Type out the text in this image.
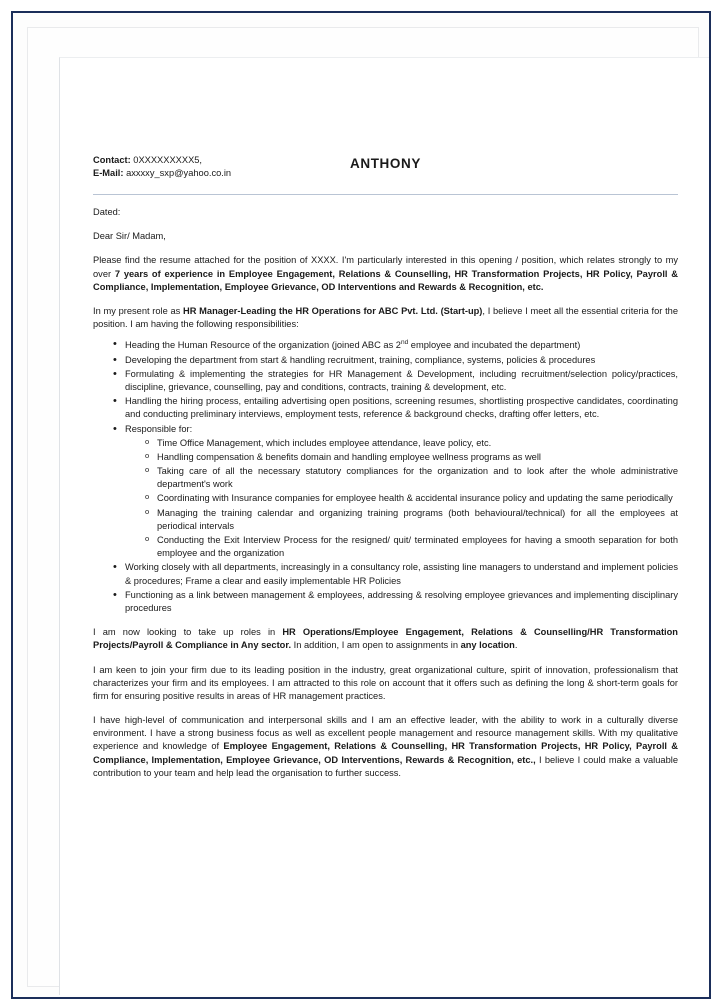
Contact: 0XXXXXXXXX5,
E-Mail: axxxxy_sxp@yahoo.co.in
ANTHONY

Dated:

Dear Sir/ Madam,

Please find the resume attached for the position of XXXX. I'm particularly interested in this opening / position, which relates strongly to my over 7 years of experience in Employee Engagement, Relations & Counselling, HR Transformation Projects, HR Policy, Payroll & Compliance, Implementation, Employee Grievance, OD Interventions and Rewards & Recognition, etc.

In my present role as HR Manager-Leading the HR Operations for ABC Pvt. Ltd. (Start-up), I believe I meet all the essential criteria for the position. I am having the following responsibilities:

• Heading the Human Resource of the organization (joined ABC as 2nd employee and incubated the department)
• Developing the department from start & handling recruitment, training, compliance, systems, policies & procedures
• Formulating & implementing the strategies for HR Management & Development, including recruitment/selection policy/practices, discipline, grievance, counselling, pay and conditions, contracts, training & development, etc.
• Handling the hiring process, entailing advertising open positions, screening resumes, shortlisting prospective candidates, coordinating and conducting preliminary interviews, employment tests, reference & background checks, drafting offer letters, etc.
• Responsible for:
o Time Office Management, which includes employee attendance, leave policy, etc.
o Handling compensation & benefits domain and handling employee wellness programs as well
o Taking care of all the necessary statutory compliances for the organization and to look after the whole administrative department's work
o Coordinating with Insurance companies for employee health & accidental insurance policy and updating the same periodically
o Managing the training calendar and organizing training programs (both behavioural/technical) for all the employees at periodical intervals
o Conducting the Exit Interview Process for the resigned/ quit/ terminated employees for having a smooth separation for both employee and the organization
• Working closely with all departments, increasingly in a consultancy role, assisting line managers to understand and implement policies & procedures; Frame a clear and easily implementable HR Policies
• Functioning as a link between management & employees, addressing & resolving employee grievances and implementing disciplinary procedures

I am now looking to take up roles in HR Operations/Employee Engagement, Relations & Counselling/HR Transformation Projects/Payroll & Compliance in Any sector. In addition, I am open to assignments in any location.

I am keen to join your firm due to its leading position in the industry, great organizational culture, spirit of innovation, professionalism that characterizes your firm and its employees. I am attracted to this role on account that it offers such as defining the long & short-term goals for firm for ensuring positive results in areas of HR management practices.

I have high-level of communication and interpersonal skills and I am an effective leader, with the ability to work in a culturally diverse environment. I have a strong business focus as well as excellent people management and resource management skills. With my qualitative experience and knowledge of Employee Engagement, Relations & Counselling, HR Transformation Projects, HR Policy, Payroll & Compliance, Implementation, Employee Grievance, OD Interventions, Rewards & Recognition, etc., I believe I could make a valuable contribution to your team and help lead the organisation to further success.
